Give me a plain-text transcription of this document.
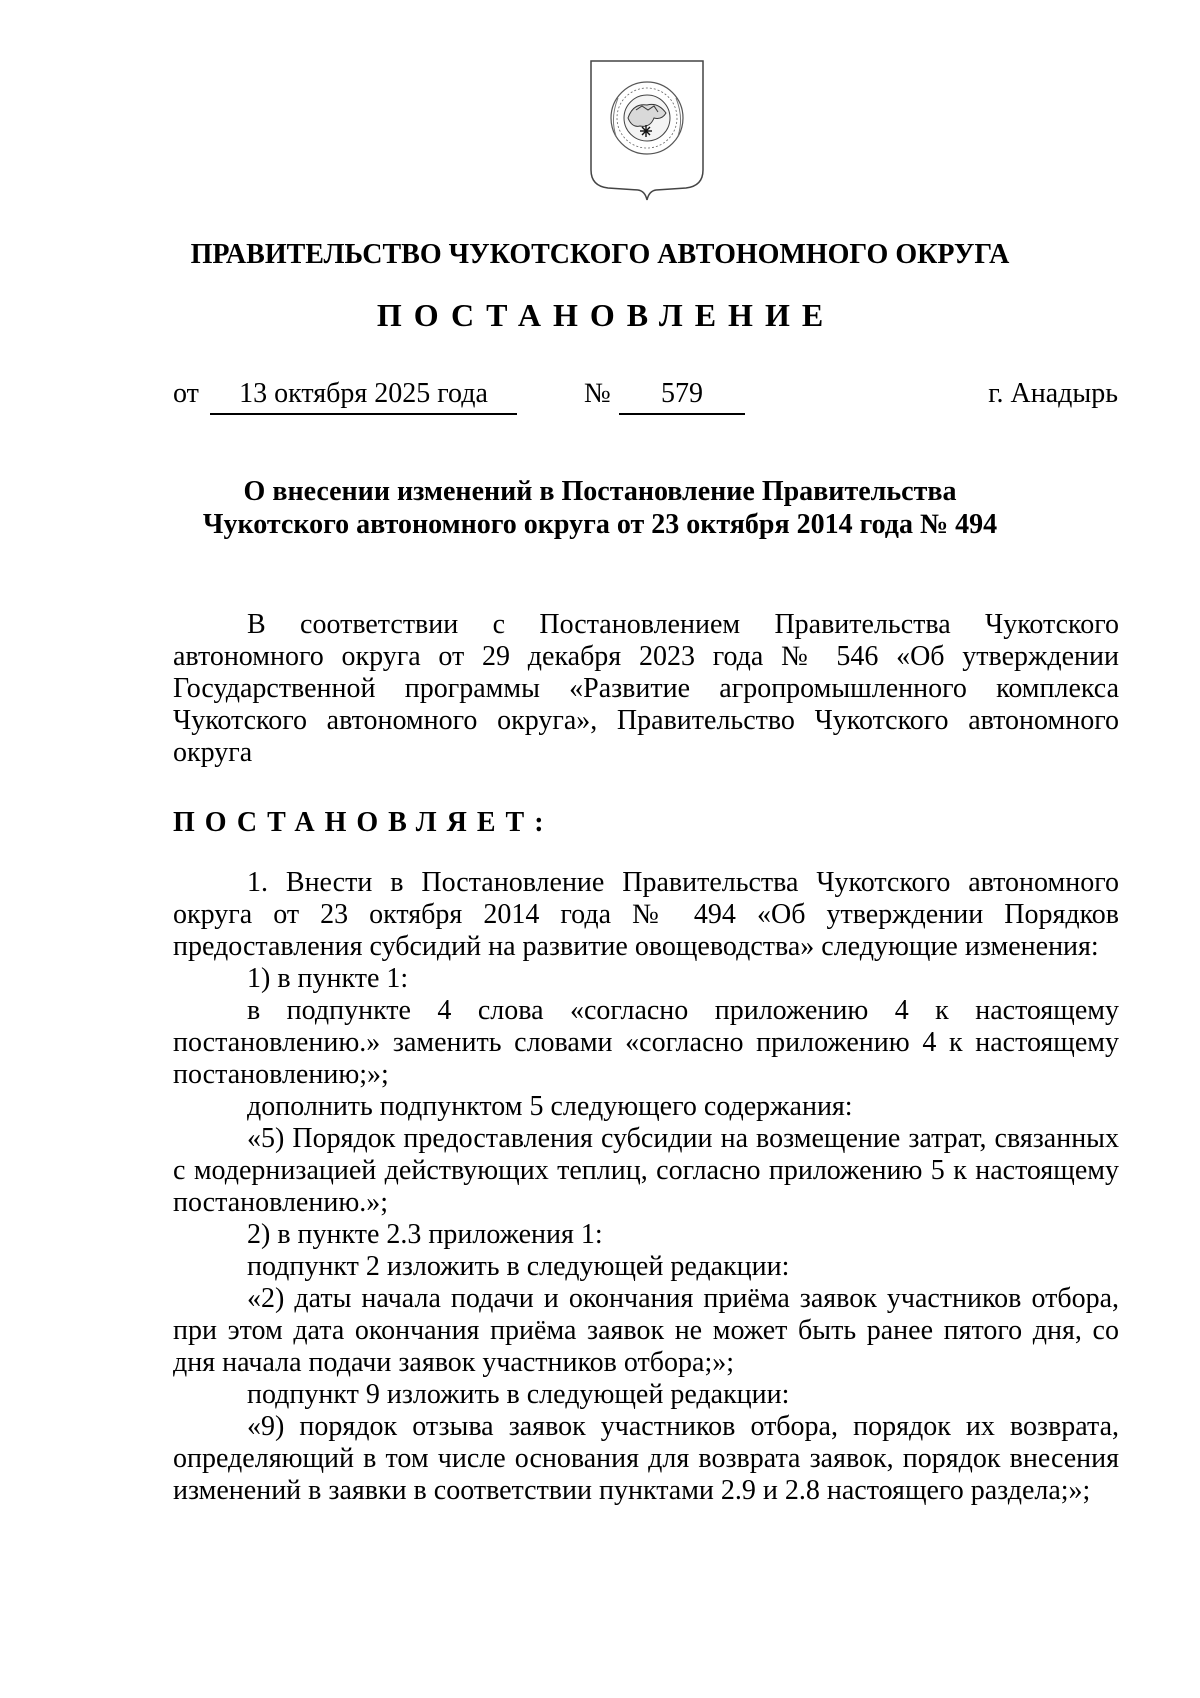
ПРАВИТЕЛЬСТВО ЧУКОТСКОГО АВТОНОМНОГО ОКРУГА
ПОСТАНОВЛЕНИЕ
от	13 октября 2025 года	№	579	г. Анадырь
О внесении изменений в Постановление Правительства
Чукотского автономного округа от 23 октября 2014 года № 494

В соответствии с Постановлением Правительства Чукотского автономного округа от 29 декабря 2023 года № 546 «Об утверждении Государственной программы «Развитие агропромышленного комплекса Чукотского автономного округа», Правительство Чукотского автономного округа

ПОСТАНОВЛЯЕТ:

1. Внести в Постановление Правительства Чукотского автономного округа от 23 октября 2014 года № 494 «Об утверждении Порядков предоставления субсидий на развитие овощеводства» следующие изменения:

1) в пункте 1:

в подпункте 4 слова «согласно приложению 4 к настоящему постановлению.» заменить словами «согласно приложению 4 к настоящему постановлению;»;

дополнить подпунктом 5 следующего содержания:

«5) Порядок предоставления субсидии на возмещение затрат, связанных с модернизацией действующих теплиц, согласно приложению 5 к настоящему постановлению.»;

2) в пункте 2.3 приложения 1:

подпункт 2 изложить в следующей редакции:

«2) даты начала подачи и окончания приёма заявок участников отбора, при этом дата окончания приёма заявок не может быть ранее пятого дня, со дня начала подачи заявок участников отбора;»;

подпункт 9 изложить в следующей редакции:

«9) порядок отзыва заявок участников отбора, порядок их возврата, определяющий в том числе основания для возврата заявок, порядок внесения изменений в заявки в соответствии пунктами 2.9 и 2.8 настоящего раздела;»;
